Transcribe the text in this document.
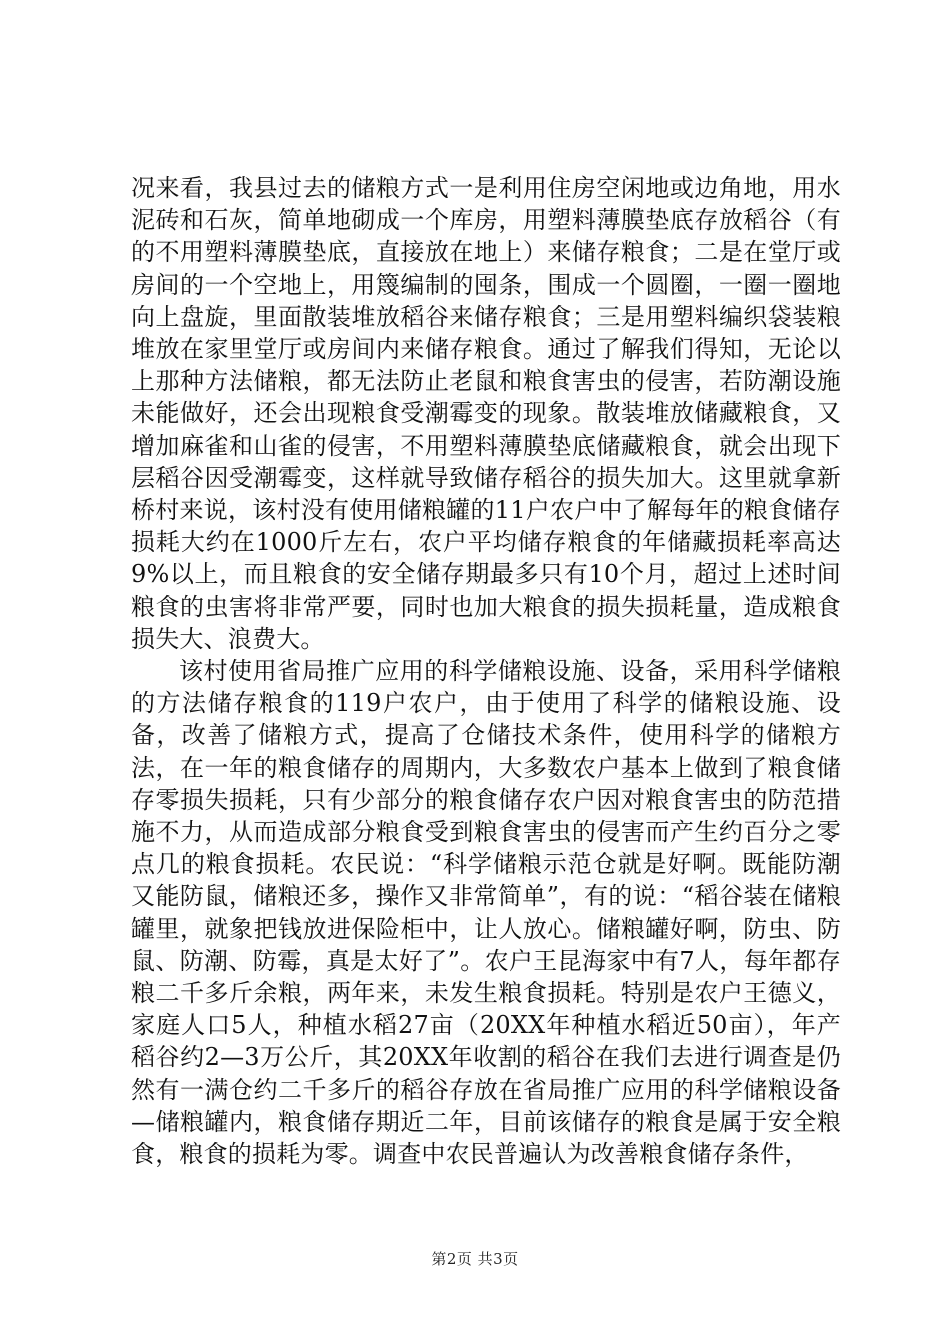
况来看，我县过去的储粮方式一是利用住房空闲地或边角地，用水泥砖和石灰，简单地砌成一个库房，用塑料薄膜垫底存放稻谷（有的不用塑料薄膜垫底，直接放在地上）来储存粮食；二是在堂厅或房间的一个空地上，用篾编制的囤条，围成一个圆圈，一圈一圈地向上盘旋，里面散装堆放稻谷来储存粮食；三是用塑料编织袋装粮堆放在家里堂厅或房间内来储存粮食。通过了解我们得知，无论以上那种方法储粮，都无法防止老鼠和粮食害虫的侵害，若防潮设施未能做好，还会出现粮食受潮霉变的现象。散装堆放储藏粮食，又增加麻雀和山雀的侵害，不用塑料薄膜垫底储藏粮食，就会出现下层稻谷因受潮霉变，这样就导致储存稻谷的损失加大。这里就拿新桥村来说，该村没有使用储粮罐的11户农户中了解每年的粮食储存损耗大约在1000斤左右，农户平均储存粮食的年储藏损耗率高达9%以上，而且粮食的安全储存期最多只有10个月，超过上述时间粮食的虫害将非常严要，同时也加大粮食的损失损耗量，造成粮食损失大、浪费大。

该村使用省局推广应用的科学储粮设施、设备，采用科学储粮的方法储存粮食的119户农户，由于使用了科学的储粮设施、设备，改善了储粮方式，提高了仓储技术条件，使用科学的储粮方法，在一年的粮食储存的周期内，大多数农户基本上做到了粮食储存零损失损耗，只有少部分的粮食储存农户因对粮食害虫的防范措施不力，从而造成部分粮食受到粮食害虫的侵害而产生约百分之零点几的粮食损耗。农民说：“科学储粮示范仓就是好啊。既能防潮又能防鼠，储粮还多，操作又非常简单”，有的说：“稻谷装在储粮罐里，就象把钱放进保险柜中，让人放心。储粮罐好啊，防虫、防鼠、防潮、防霉，真是太好了”。农户王昆海家中有7人，每年都存粮二千多斤余粮，两年来，未发生粮食损耗。特别是农户王德义，家庭人口5人，种植水稻27亩（20XX年种植水稻近50亩），年产稻谷约2—3万公斤，其20XX年收割的稻谷在我们去进行调查是仍然有一满仓约二千多斤的稻谷存放在省局推广应用的科学储粮设备—储粮罐内，粮食储存期近二年，目前该储存的粮食是属于安全粮食，粮食的损耗为零。调查中农民普遍认为改善粮食储存条件，

第2页 共3页
